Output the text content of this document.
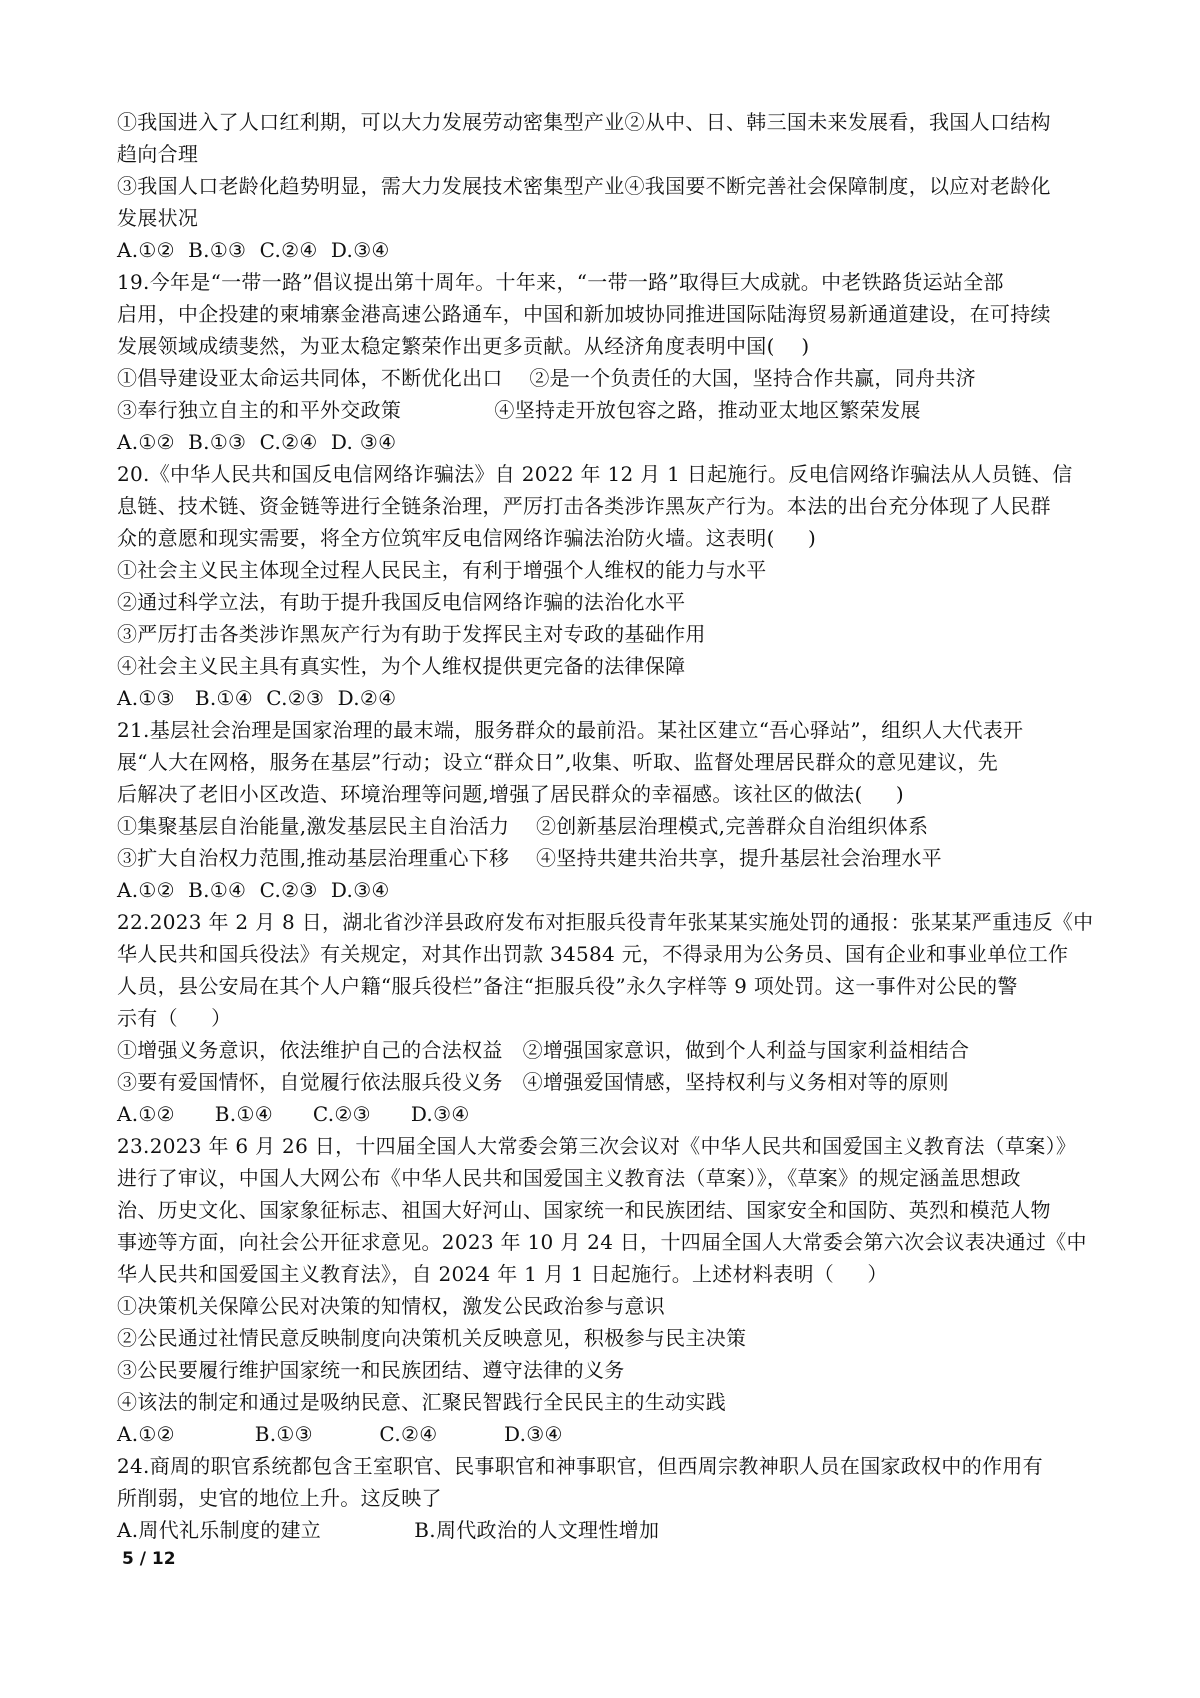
①我国进入了人口红利期，可以大力发展劳动密集型产业②从中、日、韩三国未来发展看，我国人口结构
趋向合理
③我国人口老龄化趋势明显，需大力发展技术密集型产业④我国要不断完善社会保障制度，以应对老龄化
发展状况
A.①②  B.①③  C.②④  D.③④
19.今年是“一带一路”倡议提出第十周年。十年来，“一带一路”取得巨大成就。中老铁路货运站全部
启用，中企投建的柬埔寨金港高速公路通车，中国和新加坡协同推进国际陆海贸易新通道建设，在可持续
发展领域成绩斐然，为亚太稳定繁荣作出更多贡献。从经济角度表明中国(    )
①倡导建设亚太命运共同体，不断优化出口    ②是一个负责任的大国，坚持合作共赢，同舟共济
③奉行独立自主的和平外交政策              ④坚持走开放包容之路，推动亚太地区繁荣发展
A.①②  B.①③  C.②④  D. ③④
20.《中华人民共和国反电信网络诈骗法》自 2022 年 12 月 1 日起施行。反电信网络诈骗法从人员链、信
息链、技术链、资金链等进行全链条治理，严厉打击各类涉诈黑灰产行为。本法的出台充分体现了人民群
众的意愿和现实需要，将全方位筑牢反电信网络诈骗法治防火墙。这表明(     )
①社会主义民主体现全过程人民民主，有利于增强个人维权的能力与水平
②通过科学立法，有助于提升我国反电信网络诈骗的法治化水平
③严厉打击各类涉诈黑灰产行为有助于发挥民主对专政的基础作用
④社会主义民主具有真实性，为个人维权提供更完备的法律保障
A.①③   B.①④  C.②③  D.②④
21.基层社会治理是国家治理的最末端，服务群众的最前沿。某社区建立“吾心驿站”，组织人大代表开
展“人大在网格，服务在基层”行动；设立“群众日”,收集、听取、监督处理居民群众的意见建议，先
后解决了老旧小区改造、环境治理等问题,增强了居民群众的幸福感。该社区的做法(     )
①集聚基层自治能量,激发基层民主自治活力    ②创新基层治理模式,完善群众自治组织体系
③扩大自治权力范围,推动基层治理重心下移    ④坚持共建共治共享，提升基层社会治理水平
A.①②  B.①④  C.②③  D.③④
22.2023 年 2 月 8 日，湖北省沙洋县政府发布对拒服兵役青年张某某实施处罚的通报：张某某严重违反《中
华人民共和国兵役法》有关规定，对其作出罚款 34584 元，不得录用为公务员、国有企业和事业单位工作
人员，县公安局在其个人户籍“服兵役栏”备注“拒服兵役”永久字样等 9 项处罚。这一事件对公民的警
示有（     ）
①增强义务意识，依法维护自己的合法权益   ②增强国家意识，做到个人利益与国家利益相结合
③要有爱国情怀，自觉履行依法服兵役义务   ④增强爱国情感，坚持权利与义务相对等的原则
A.①②      B.①④      C.②③      D.③④
23.2023 年 6 月 26 日，十四届全国人大常委会第三次会议对《中华人民共和国爱国主义教育法（草案）》
进行了审议，中国人大网公布《中华人民共和国爱国主义教育法（草案）》，《草案》的规定涵盖思想政
治、历史文化、国家象征标志、祖国大好河山、国家统一和民族团结、国家安全和国防、英烈和模范人物
事迹等方面，向社会公开征求意见。2023 年 10 月 24 日，十四届全国人大常委会第六次会议表决通过《中
华人民共和国爱国主义教育法》，自 2024 年 1 月 1 日起施行。上述材料表明（     ）
①决策机关保障公民对决策的知情权，激发公民政治参与意识
②公民通过社情民意反映制度向决策机关反映意见，积极参与民主决策
③公民要履行维护国家统一和民族团结、遵守法律的义务
④该法的制定和通过是吸纳民意、汇聚民智践行全民民主的生动实践
A.①②            B.①③          C.②④          D.③④
24.商周的职官系统都包含王室职官、民事职官和神事职官，但西周宗教神职人员在国家政权中的作用有
所削弱，史官的地位上升。这反映了
A.周代礼乐制度的建立              B.周代政治的人文理性增加
5 / 12
